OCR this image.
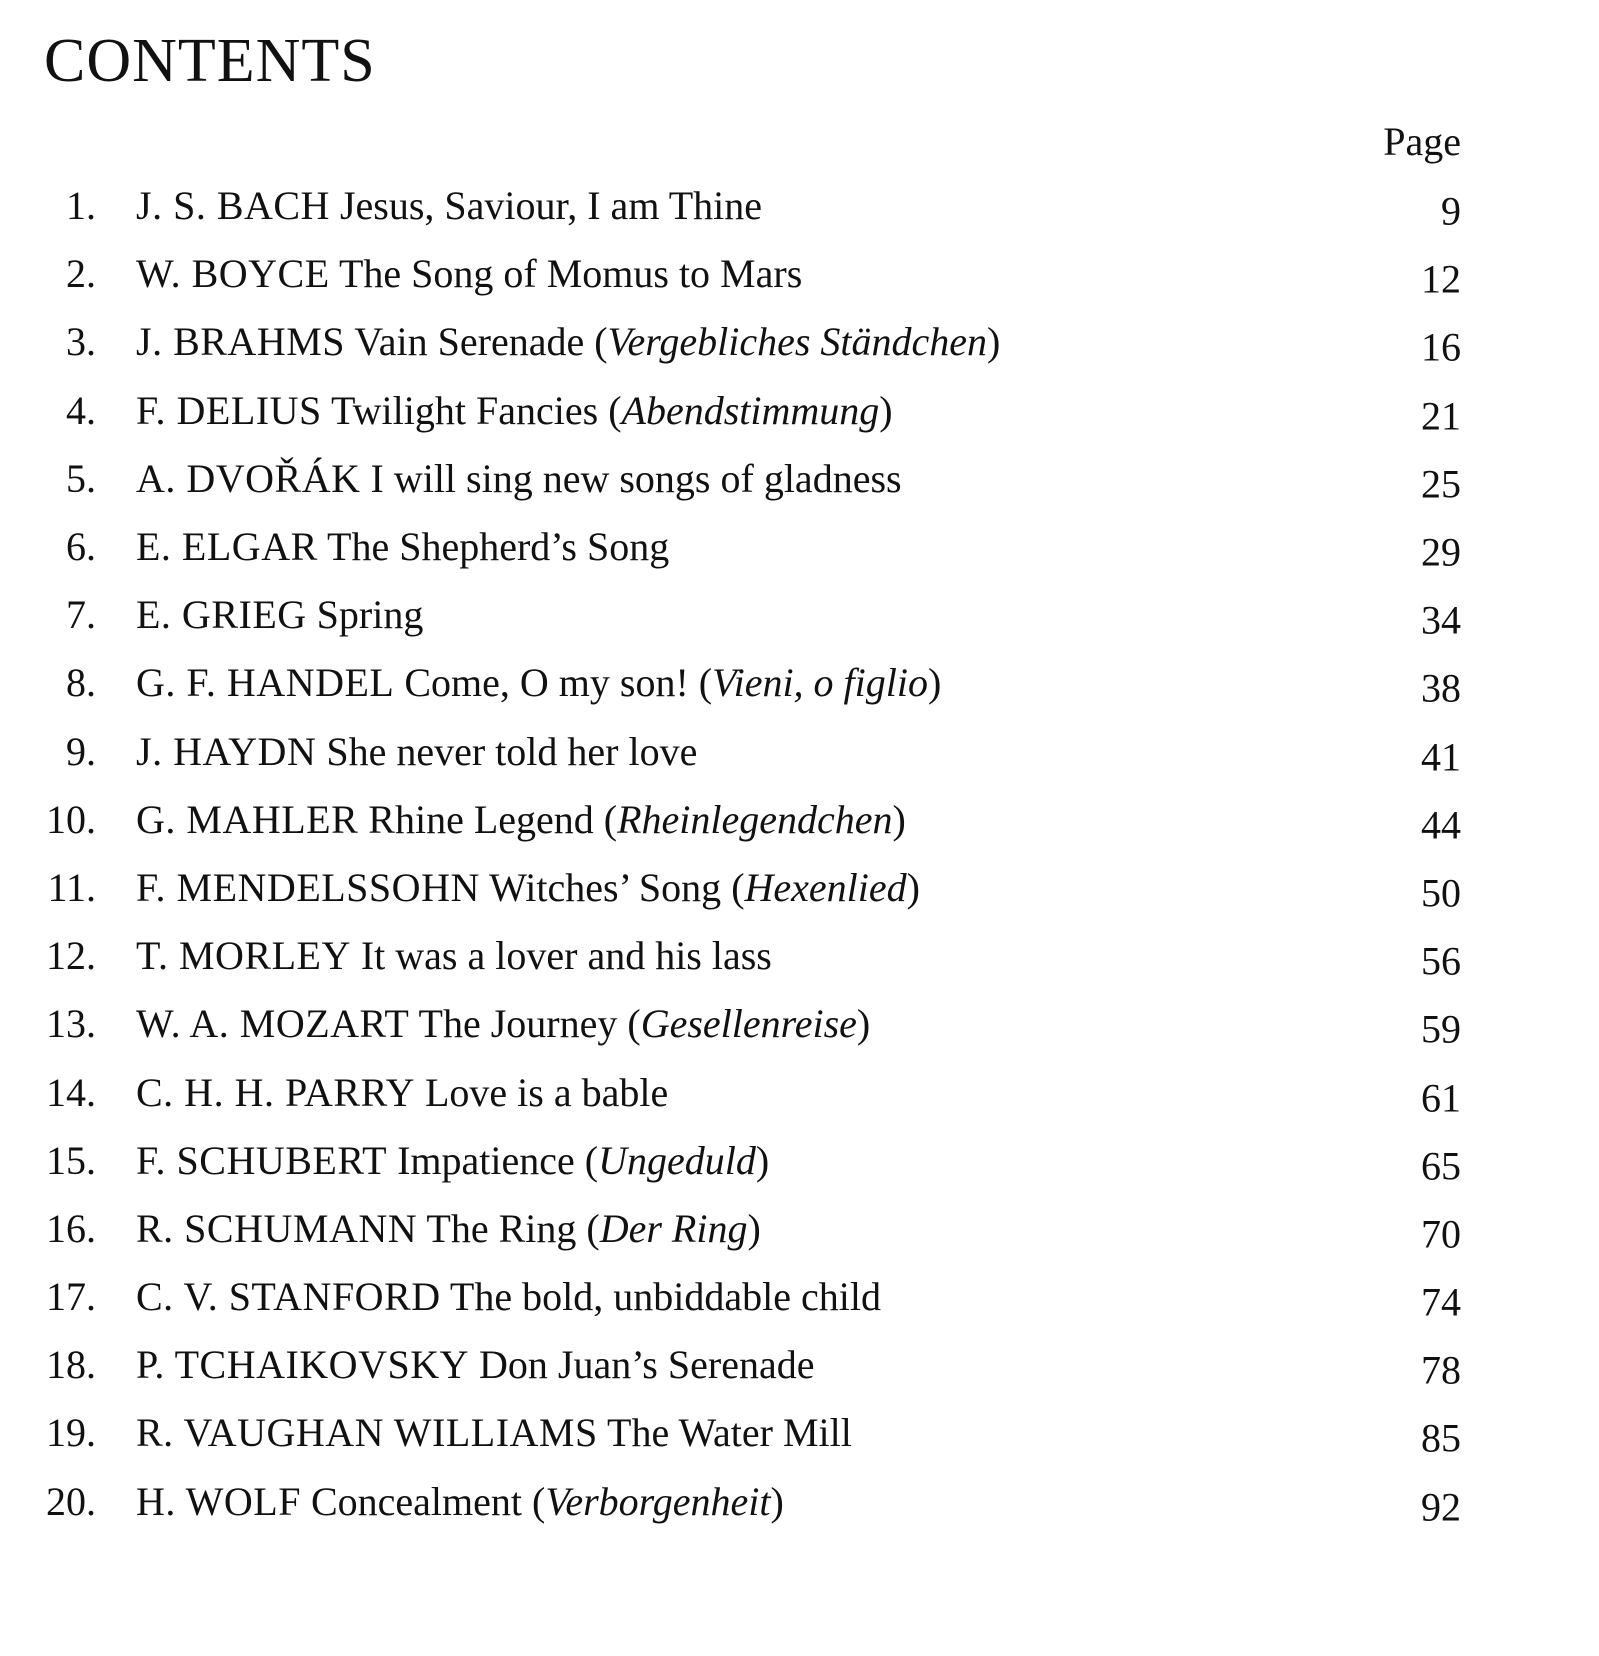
CONTENTS
Page
1. J. S. BACH Jesus, Saviour, I am Thine	9
2. W. BOYCE The Song of Momus to Mars	12
3. J. BRAHMS Vain Serenade (Vergebliches Ständchen)	16
4. F. DELIUS Twilight Fancies (Abendstimmung)	21
5. A. DVOŘÁK I will sing new songs of gladness	25
6. E. ELGAR The Shepherd’s Song	29
7. E. GRIEG Spring	34
8. G. F. HANDEL Come, O my son! (Vieni, o figlio)	38
9. J. HAYDN She never told her love	41
10. G. MAHLER Rhine Legend (Rheinlegendchen)	44
11. F. MENDELSSOHN Witches’ Song (Hexenlied)	50
12. T. MORLEY It was a lover and his lass	56
13. W. A. MOZART The Journey (Gesellenreise)	59
14. C. H. H. PARRY Love is a bable	61
15. F. SCHUBERT Impatience (Ungeduld)	65
16. R. SCHUMANN The Ring (Der Ring)	70
17. C. V. STANFORD The bold, unbiddable child	74
18. P. TCHAIKOVSKY Don Juan’s Serenade	78
19. R. VAUGHAN WILLIAMS The Water Mill	85
20. H. WOLF Concealment (Verborgenheit)	92
